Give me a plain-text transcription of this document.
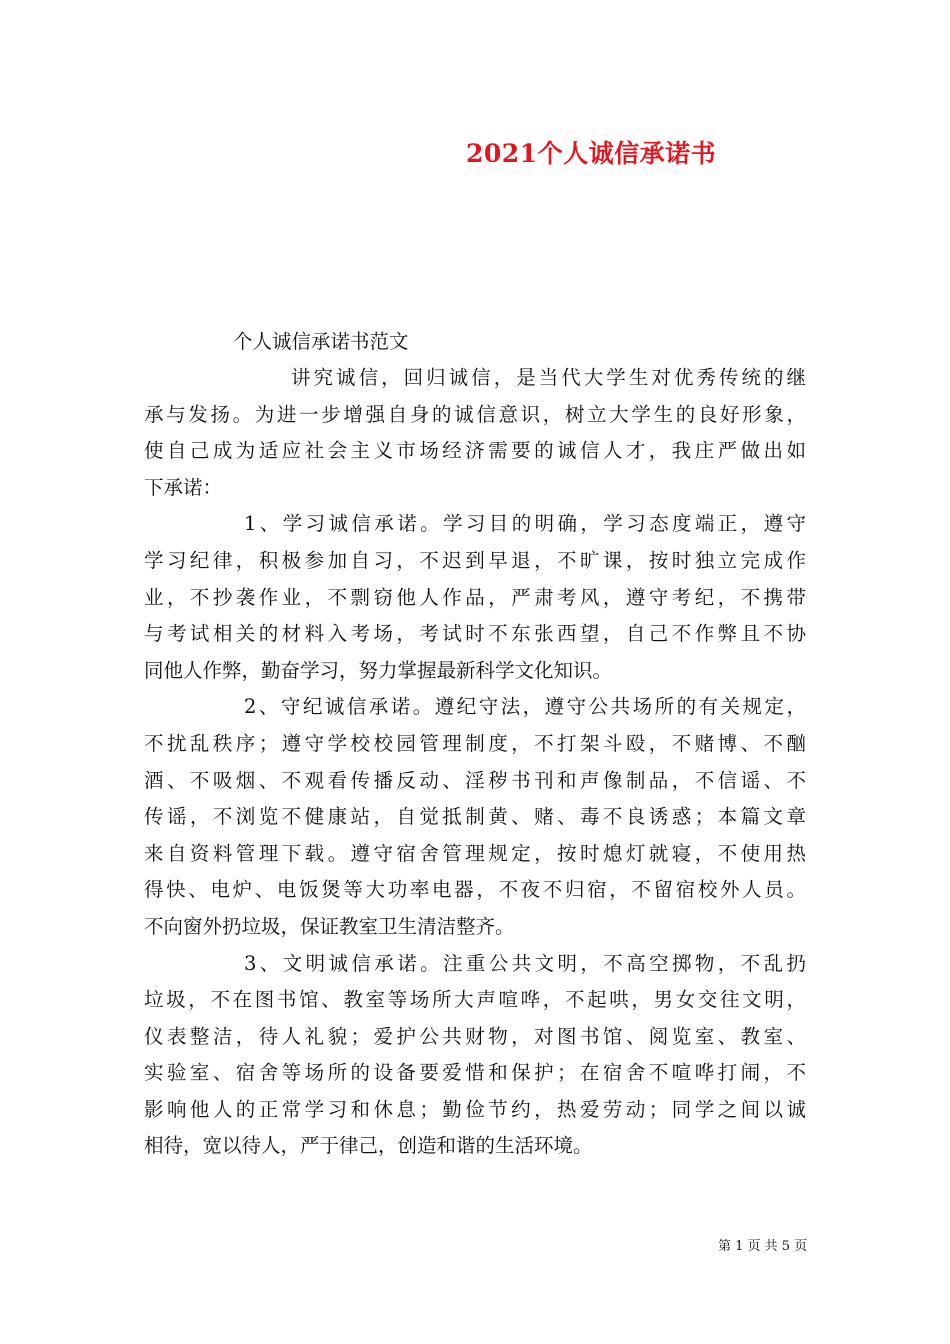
2021个人诚信承诺书
个人诚信承诺书范文
讲究诚信，回归诚信，是当代大学生对优秀传统的继
承与发扬。为进一步增强自身的诚信意识，树立大学生的良好形象，
使自己成为适应社会主义市场经济需要的诚信人才，我庄严做出如
下承诺：
1、学习诚信承诺。学习目的明确，学习态度端正，遵守
学习纪律，积极参加自习，不迟到早退，不旷课，按时独立完成作
业，不抄袭作业，不剽窃他人作品，严肃考风，遵守考纪，不携带
与考试相关的材料入考场，考试时不东张西望，自己不作弊且不协
同他人作弊，勤奋学习，努力掌握最新科学文化知识。
2、守纪诚信承诺。遵纪守法，遵守公共场所的有关规定，
不扰乱秩序；遵守学校校园管理制度，不打架斗殴，不赌博、不酗
酒、不吸烟、不观看传播反动、淫秽书刊和声像制品，不信谣、不
传谣，不浏览不健康站，自觉抵制黄、赌、毒不良诱惑；本篇文章
来自资料管理下载。遵守宿舍管理规定，按时熄灯就寝，不使用热
得快、电炉、电饭煲等大功率电器，不夜不归宿，不留宿校外人员。
不向窗外扔垃圾，保证教室卫生清洁整齐。
3、文明诚信承诺。注重公共文明，不高空掷物，不乱扔
垃圾，不在图书馆、教室等场所大声喧哗，不起哄，男女交往文明，
仪表整洁，待人礼貌；爱护公共财物，对图书馆、阅览室、教室、
实验室、宿舍等场所的设备要爱惜和保护；在宿舍不喧哗打闹，不
影响他人的正常学习和休息；勤俭节约，热爱劳动；同学之间以诚
相待，宽以待人，严于律己，创造和谐的生活环境。
第 1 页 共 5 页
